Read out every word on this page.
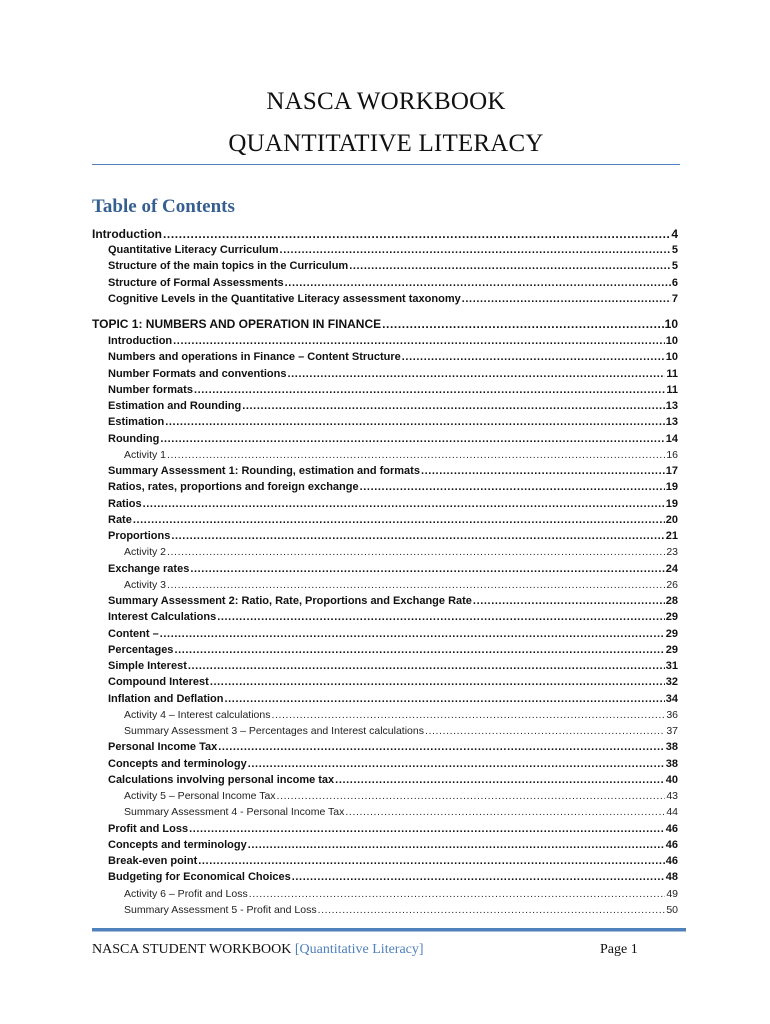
NASCA WORKBOOK
QUANTITATIVE LITERACY
Table of Contents
Introduction .....	4
Quantitative Literacy Curriculum .....	5
Structure of the main topics in the Curriculum .....	5
Structure of Formal Assessments .....	6
Cognitive Levels in the Quantitative Literacy assessment taxonomy .....	7
TOPIC 1: NUMBERS AND OPERATION IN FINANCE .....	10
Introduction .....	10
Numbers and operations in Finance – Content Structure .....	10
Number Formats and conventions .....	11
Number formats .....	11
Estimation and Rounding .....	13
Estimation .....	13
Rounding .....	14
Activity 1 .....	16
Summary Assessment 1: Rounding, estimation and formats .....	17
Ratios, rates, proportions and foreign exchange .....	19
Ratios .....	19
Rate .....	20
Proportions .....	21
Activity 2 .....	23
Exchange rates .....	24
Activity 3 .....	26
Summary Assessment 2: Ratio, Rate, Proportions and Exchange Rate .....	28
Interest Calculations .....	29
Content – .....	29
Percentages .....	29
Simple Interest .....	31
Compound Interest .....	32
Inflation and Deflation .....	34
Activity 4 – Interest calculations .....	36
Summary Assessment 3 – Percentages and Interest calculations .....	37
Personal Income Tax .....	38
Concepts and terminology .....	38
Calculations involving personal income tax .....	40
Activity 5 – Personal Income Tax .....	43
Summary Assessment 4 - Personal Income Tax .....	44
Profit and Loss .....	46
Concepts and terminology .....	46
Break-even point .....	46
Budgeting for Economical Choices .....	48
Activity 6 – Profit and Loss .....	49
Summary Assessment 5 - Profit and Loss .....	50
NASCA STUDENT WORKBOOK [Quantitative Literacy]	Page 1
